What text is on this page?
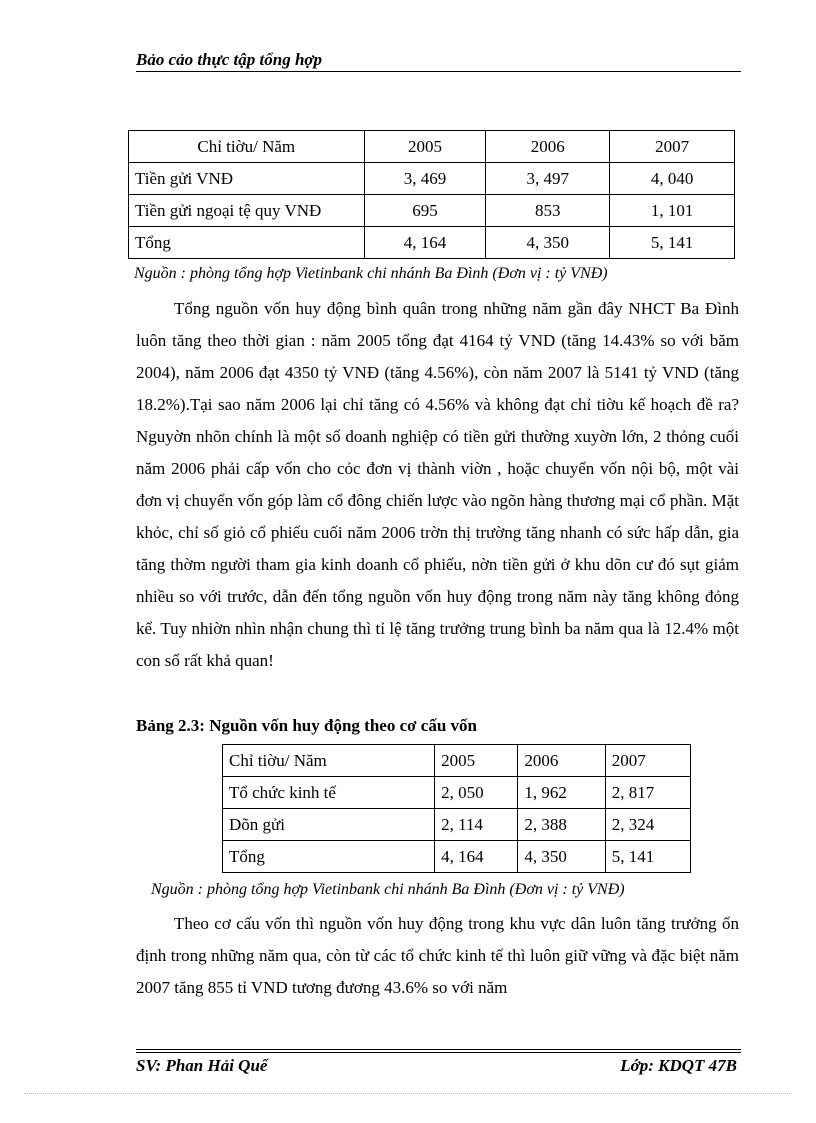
Bảo cảo thực tập tổng hợp
Chỉ tiờu/ Năm	2005	2006	2007
Tiền gửi VNĐ	3, 469	3, 497	4, 040
Tiền gửi ngoại tệ quy VNĐ	695	853	1, 101
Tổng	4, 164	4, 350	5, 141
Nguồn : phòng tổng hợp Vietinbank chi nhánh Ba Đình (Đơn vị : tỷ VNĐ)

Tổng nguồn vốn huy động bình quân trong những năm gần đây NHCT Ba Đình luôn tăng theo thời gian : năm 2005 tổng đạt 4164 tỷ VND (tăng 14.43% so với băm 2004), năm 2006 đạt 4350 tỷ VNĐ (tăng 4.56%), còn năm 2007 là 5141 tỷ VND (tăng 18.2%).Tại sao năm 2006 lại chỉ tăng có 4.56% và không đạt chỉ tiờu kế hoạch đề ra?Nguyờn nhõn chính là một số doanh nghiệp có tiền gửi thường xuyờn lớn, 2 thỏng cuối năm 2006 phải cấp vốn cho cỏc đơn vị thành viờn , hoặc chuyển vốn nội bộ, một vài đơn vị chuyển vốn góp làm cổ đông chiến lược vào ngõn hàng thương mại cổ phần. Mặt khỏc, chỉ số giỏ cổ phiếu cuối năm 2006 trờn thị trường tăng nhanh có sức hấp dẫn, gia tăng thờm người tham gia kinh doanh cổ phiếu, nờn tiền gửi ở khu dõn cư đó sụt giảm nhiều so với trước, dẫn đến tổng nguồn vốn huy động trong năm này tăng không đỏng kể. Tuy nhiờn nhìn nhận chung thì tỉ lệ tăng trưởng trung bình ba năm qua là 12.4% một con số rất khả quan!

Bảng 2.3: Nguồn vốn huy động theo cơ cấu vốn
Chỉ tiờu/ Năm	2005	2006	2007
Tổ chức kinh tế	2, 050	1, 962	2, 817
Dõn gửi	2, 114	2, 388	2, 324
Tổng	4, 164	4, 350	5, 141
Nguồn : phòng tổng hợp Vietinbank chi nhánh Ba Đình (Đơn vị : tỷ VNĐ)

Theo cơ cấu vốn thì nguồn vốn huy động trong khu vực dân luôn tăng trưởng ổn định trong những năm qua, còn từ các tổ chức kinh tế thì luôn giữ vững và đặc biệt năm 2007 tăng 855 tỉ VND tương đương 43.6% so với năm

SV: Phan Hải Quế	Lớp: KDQT 47B
